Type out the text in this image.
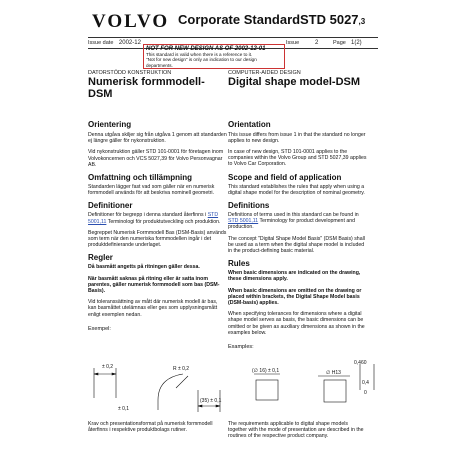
VOLVO Corporate Standard STD 5027,3
Issue date 2002-12	Issue	2	Page 1(2)
NOT FOR NEW DESIGN AS OF 2002-12-01
This standard is valid when there is a reference to it.
"Not for new design" is only an indication to our design departments.
DATORSTÖDD KONSTRUKTION
Numerisk formmodell-
DSM
Orientering
Denna utgåva skiljer sig från utgåva 1 genom att standarden ej längre gäller för nykonstruktion.
Vid nykonstruktion gäller STD 101-0001 för företagen inom Volvokoncernen och VCS 5027,39 för Volvo Personvagnar AB.
Omfattning och tillämpning
Standarden lägger fast vad som gäller när en numerisk formmodell används för att beskriva nominell geometri.
Definitioner
Definitioner för begrepp i denna standard återfinns i STD 5001,11 Terminologi för produktutveckling och produktion.
Begreppet Numerisk Formmodell Bas (DSM-Basis) används som term när den numeriska formmodellen ingår i det produktdefinierande underlaget.
Regler
Då basmått angetts på ritningen gäller dessa.
När basmått saknas på ritning eller är satta inom parentes, gäller numerisk formmodell som bas (DSM-Basis).
Vid toleranssättning av mått där numerisk modell är bas, kan basmåttet utelämnas eller ges som upplysningsmått enligt exemplen nedan.
Exempel:
COMPUTER-AIDED DESIGN
Digital shape model-DSM
Orientation
This issue differs from issue 1 in that the standard no longer applies to new design.
In case of new design, STD 101-0001 applies to the companies within the Volvo Group and STD 5027,39 applies to Volvo Car Corporation.
Scope and field of application
This standard establishes the rules that apply when using a digital shape model for the description of nominal geometry.
Definitions
Definitions of terms used in this standard can be found in STD 5001,11 Terminology for product development and production.
The concept "Digital Shape Model Basis" (DSM Basis) shall be used as a term when the digital shape model is included in the product-defining basic material.
Rules
When basic dimensions are indicated on the drawing, these dimensions apply.
When basic dimensions are omitted on the drawing or placed within brackets, the Digital Shape Model basis (DSM-basis) applies.
When specifying tolerances for dimensions where a digital shape model serves as basis, the basic dimensions can be omitted or be given as auxiliary dimensions as shown in the examples below.
Examples:
± 0,2	R ± 0,2
(35) ± 0,1
(∅ 16) ± 0,1	∅ H13
0,4
0,460
± 0,1
0
Krav och presentationsformat på numerisk formmodell återfinns i respektive produktbolags rutiner.
The requirements applicable to digital shape models together with the mode of presentation are described in the routines of the respective product company.
